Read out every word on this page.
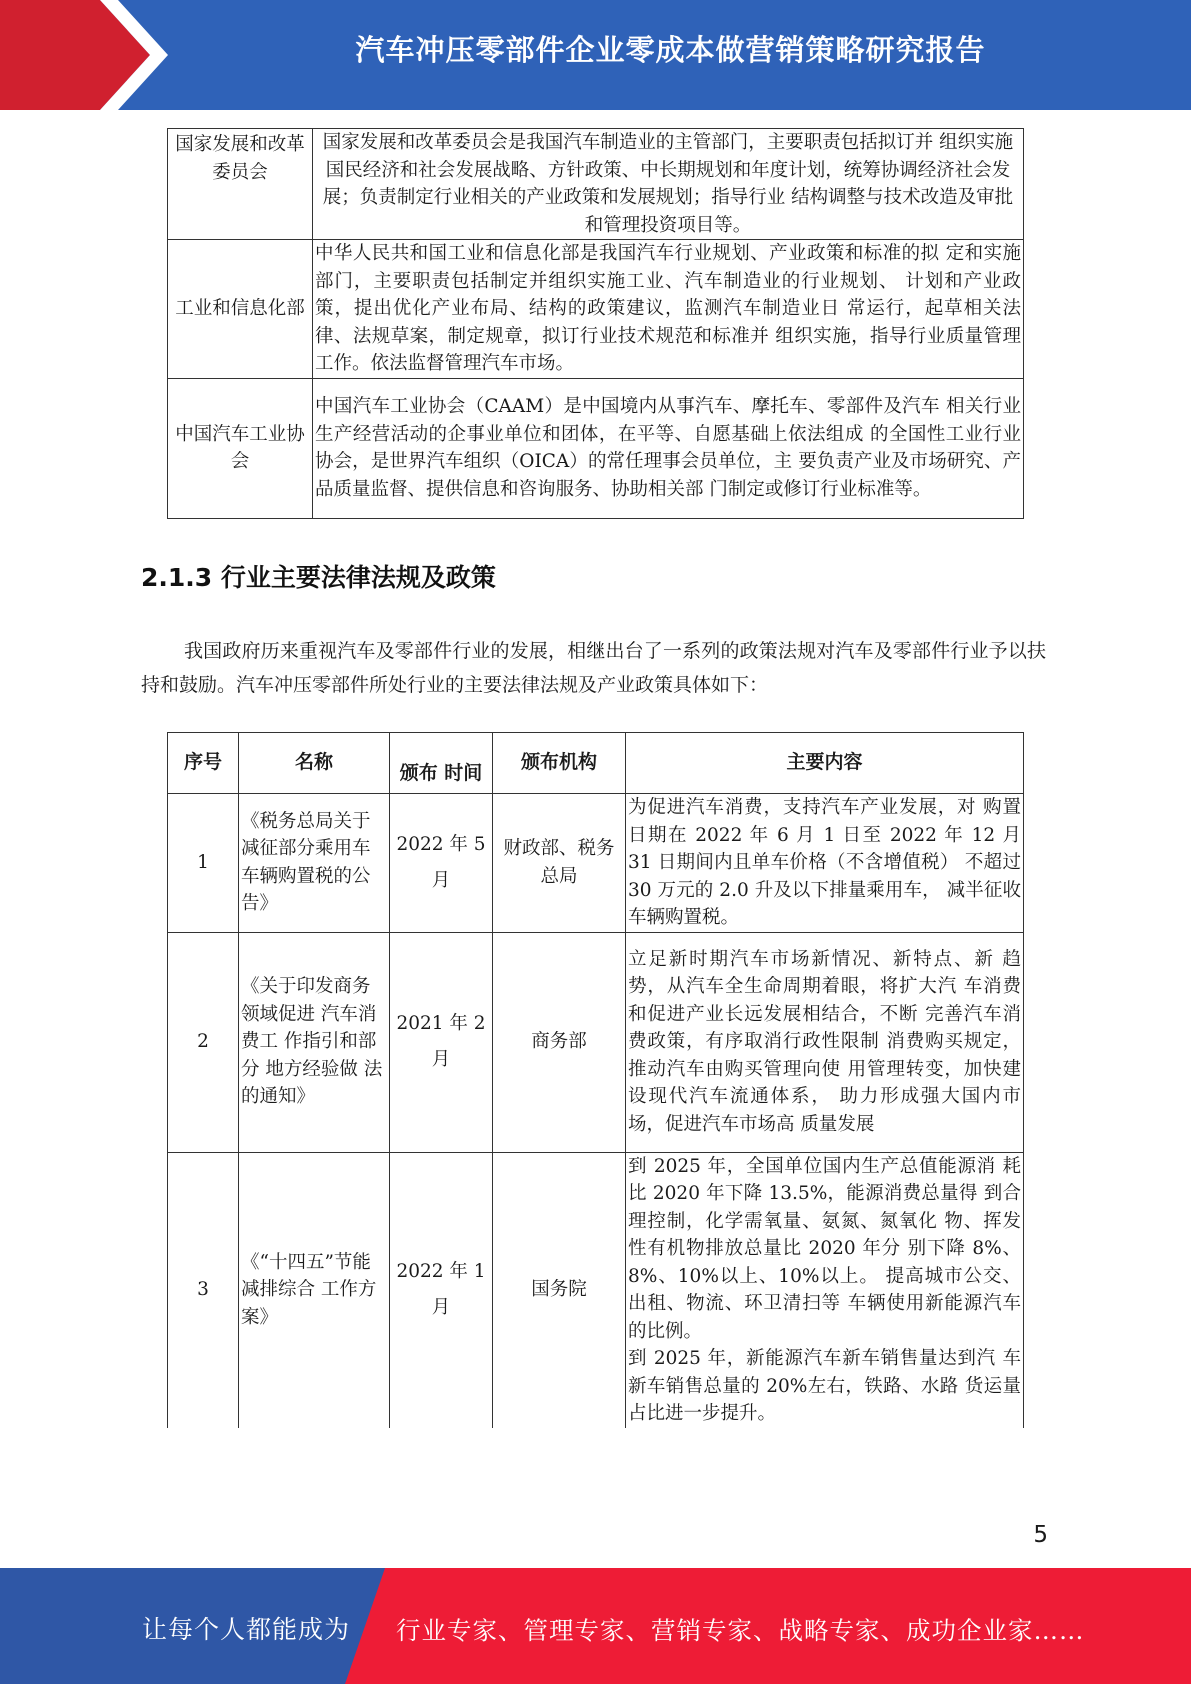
汽车冲压零部件企业零成本做营销策略研究报告
国家发展和改革委员会	国家发展和改革委员会是我国汽车制造业的主管部门，主要职责包括拟订并 组织实施国民经济和社会发展战略、方针政策、中长期规划和年度计划，统筹协调经济社会发展；负责制定行业相关的产业政策和发展规划；指导行业 结构调整与技术改造及审批和管理投资项目等。
工业和信息化部	中华人民共和国工业和信息化部是我国汽车行业规划、产业政策和标准的拟 定和实施部门，主要职责包括制定并组织实施工业、汽车制造业的行业规划、 计划和产业政策，提出优化产业布局、结构的政策建议，监测汽车制造业日 常运行，起草相关法律、法规草案，制定规章，拟订行业技术规范和标准并 组织实施，指导行业质量管理工作。依法监督管理汽车市场。
中国汽车工业协会	中国汽车工业协会（CAAM）是中国境内从事汽车、摩托车、零部件及汽车 相关行业生产经营活动的企事业单位和团体，在平等、自愿基础上依法组成 的全国性工业行业协会，是世界汽车组织（OICA）的常任理事会员单位，主 要负责产业及市场研究、产品质量监督、提供信息和咨询服务、协助相关部 门制定或修订行业标准等。
2.1.3 行业主要法律法规及政策
我国政府历来重视汽车及零部件行业的发展，相继出台了一系列的政策法规对汽车及零部件行业予以扶持和鼓励。汽车冲压零部件所处行业的主要法律法规及产业政策具体如下：
序号	名称	颁布 时间	颁布机构	主要内容
1	《税务总局关于减征部分乘用车车辆购置税的公告》	2022 年 5 月	财政部、税务总局	为促进汽车消费，支持汽车产业发展，对 购置日期在 2022 年 6 月 1 日至 2022 年 12 月 31 日期间内且单车价格（不含增值税） 不超过 30 万元的 2.0 升及以下排量乘用车， 减半征收车辆购置税。
2	《关于印发商务领域促进 汽车消费工 作指引和部分 地方经验做 法的通知》	2021 年 2 月	商务部	立足新时期汽车市场新情况、新特点、新 趋势，从汽车全生命周期着眼，将扩大汽 车消费和促进产业长远发展相结合，不断 完善汽车消费政策，有序取消行政性限制 消费购买规定，推动汽车由购买管理向使 用管理转变，加快建设现代汽车流通体系， 助力形成强大国内市场，促进汽车市场高 质量发展
3	《“十四五”节能减排综合 工作方案》	2022 年 1 月	国务院	到 2025 年，全国单位国内生产总值能源消 耗比 2020 年下降 13.5%，能源消费总量得 到合理控制，化学需氧量、氨氮、氮氧化 物、挥发性有机物排放总量比 2020 年分 别下降 8%、8%、10%以上、10%以上。 提高城市公交、出租、物流、环卫清扫等 车辆使用新能源汽车的比例。
到 2025 年，新能源汽车新车销售量达到汽 车新车销售总量的 20%左右，铁路、水路 货运量占比进一步提升。
5
让每个人都能成为 行业专家、管理专家、营销专家、战略专家、成功企业家……
